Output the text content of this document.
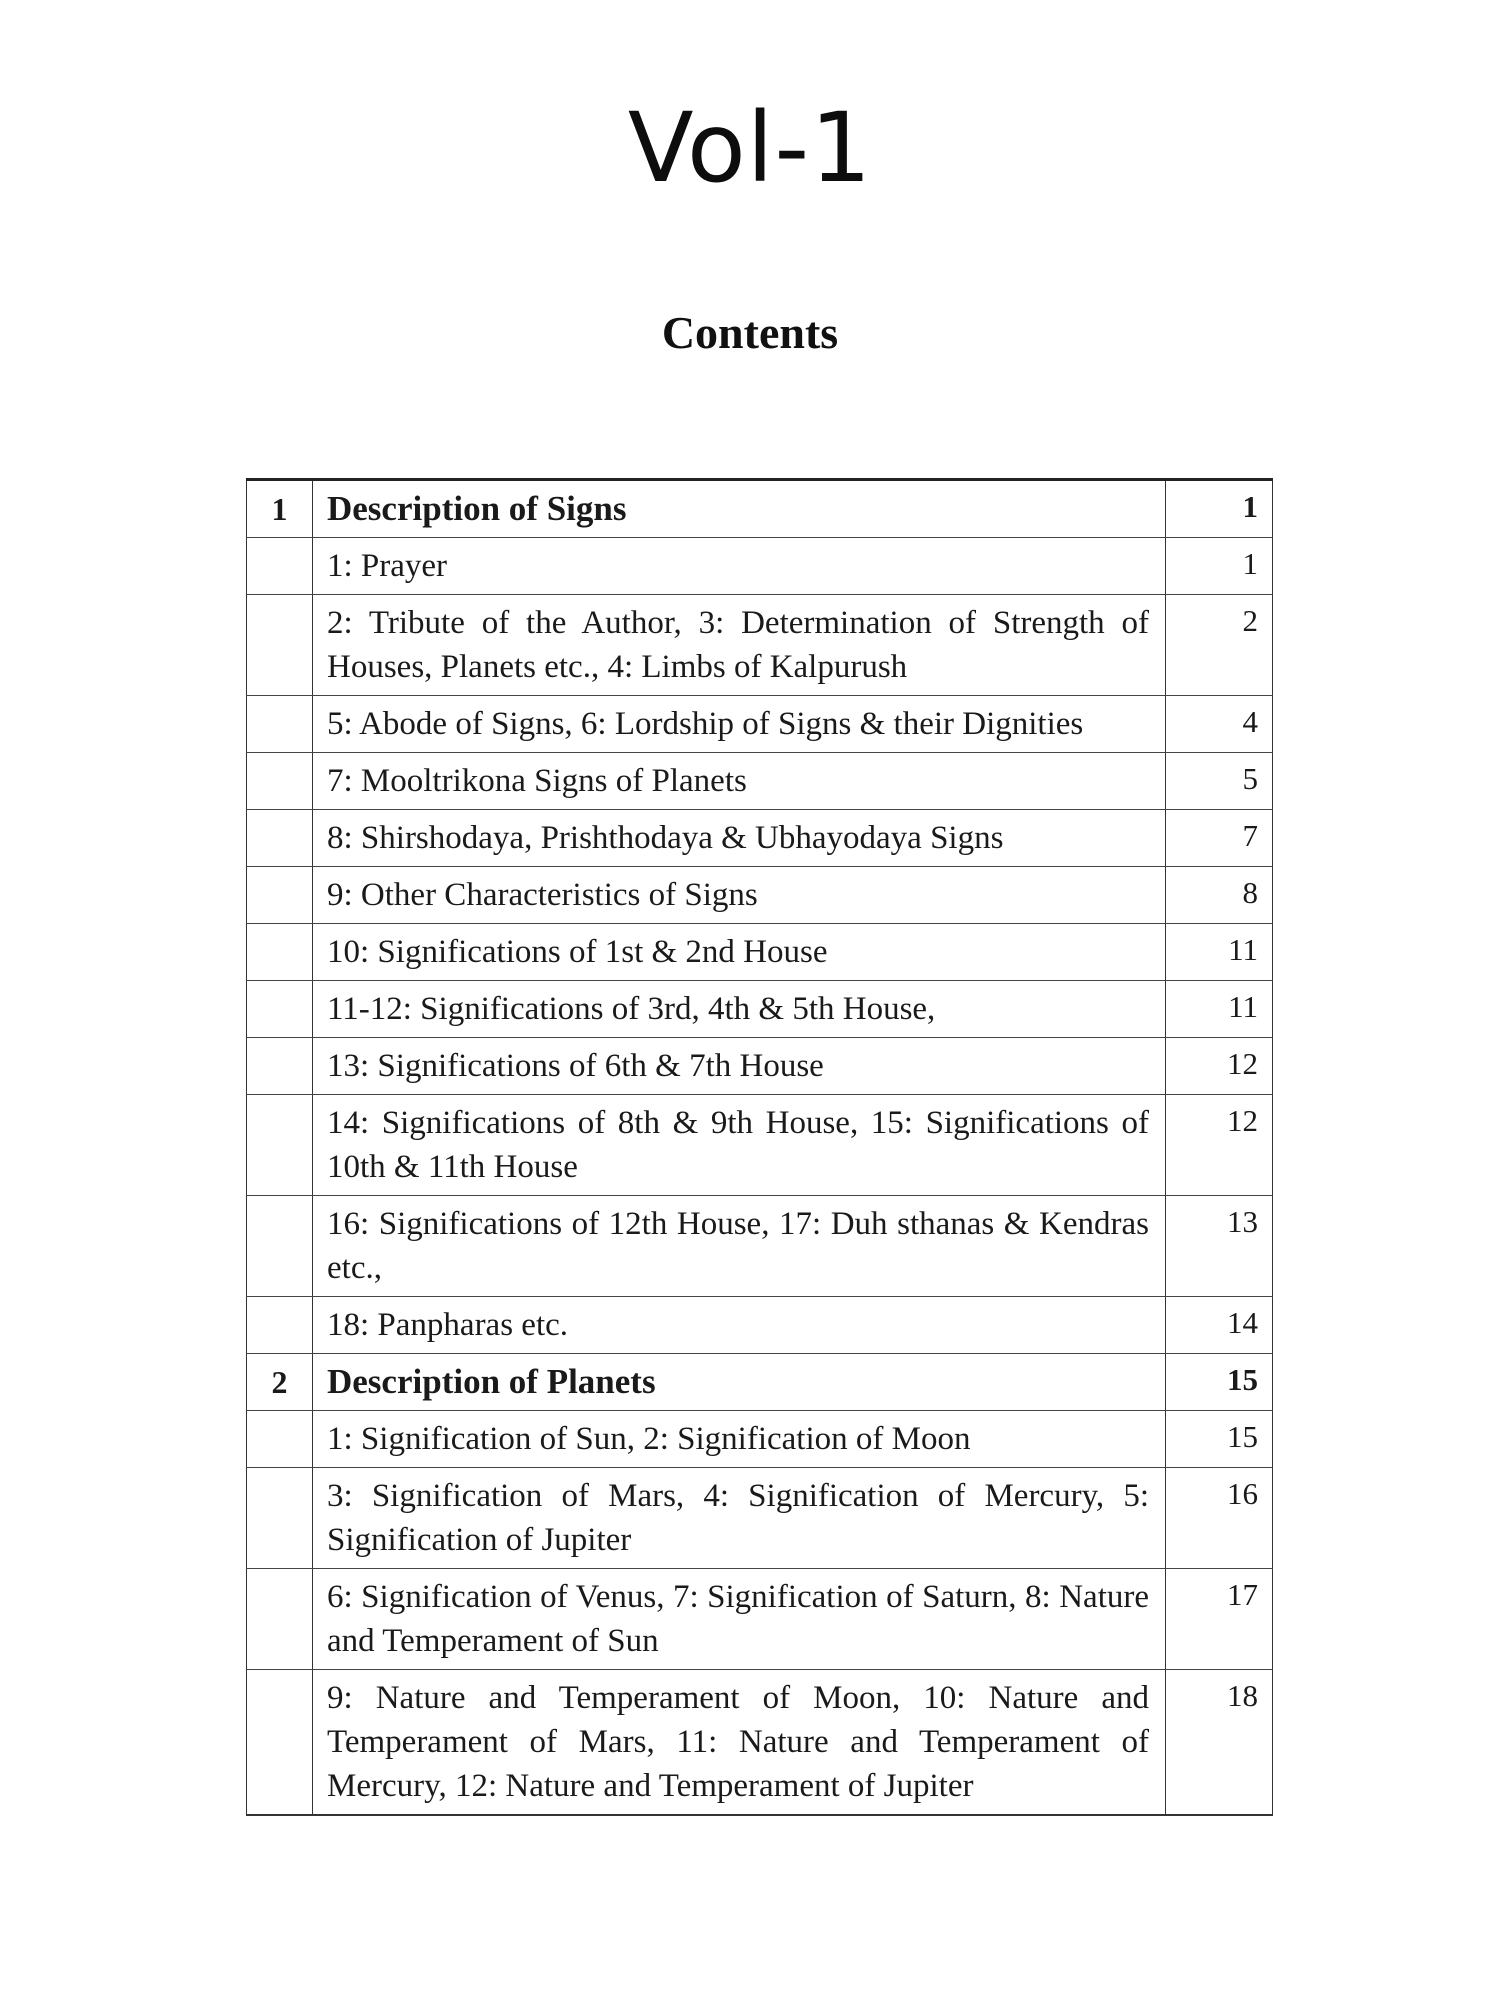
Vol-1
Contents
1	Description of Signs	1
	1: Prayer	1
	2: Tribute of the Author, 3: Determination of Strength of Houses, Planets etc., 4: Limbs of Kalpurush	2
	5: Abode of Signs, 6: Lordship of Signs & their Dignities	4
	7: Mooltrikona Signs of Planets	5
	8: Shirshodaya, Prishthodaya & Ubhayodaya Signs	7
	9: Other Characteristics of Signs	8
	10: Significations of 1st & 2nd House	11
	11-12: Significations of 3rd, 4th & 5th House,	11
	13: Significations of 6th & 7th House	12
	14: Significations of 8th & 9th House, 15: Significations of 10th & 11th House	12
	16: Significations of 12th House, 17: Duh sthanas & Kendras etc.,	13
	18: Panpharas etc.	14
2	Description of Planets	15
	1: Signification of Sun, 2: Signification of Moon	15
	3: Signification of Mars, 4: Signification of Mercury, 5: Signification of Jupiter	16
	6: Signification of Venus, 7: Signification of Saturn, 8: Nature and Temperament of Sun	17
	9: Nature and Temperament of Moon, 10: Nature and Temperament of Mars, 11: Nature and Temperament of Mercury, 12: Nature and Temperament of Jupiter	18
